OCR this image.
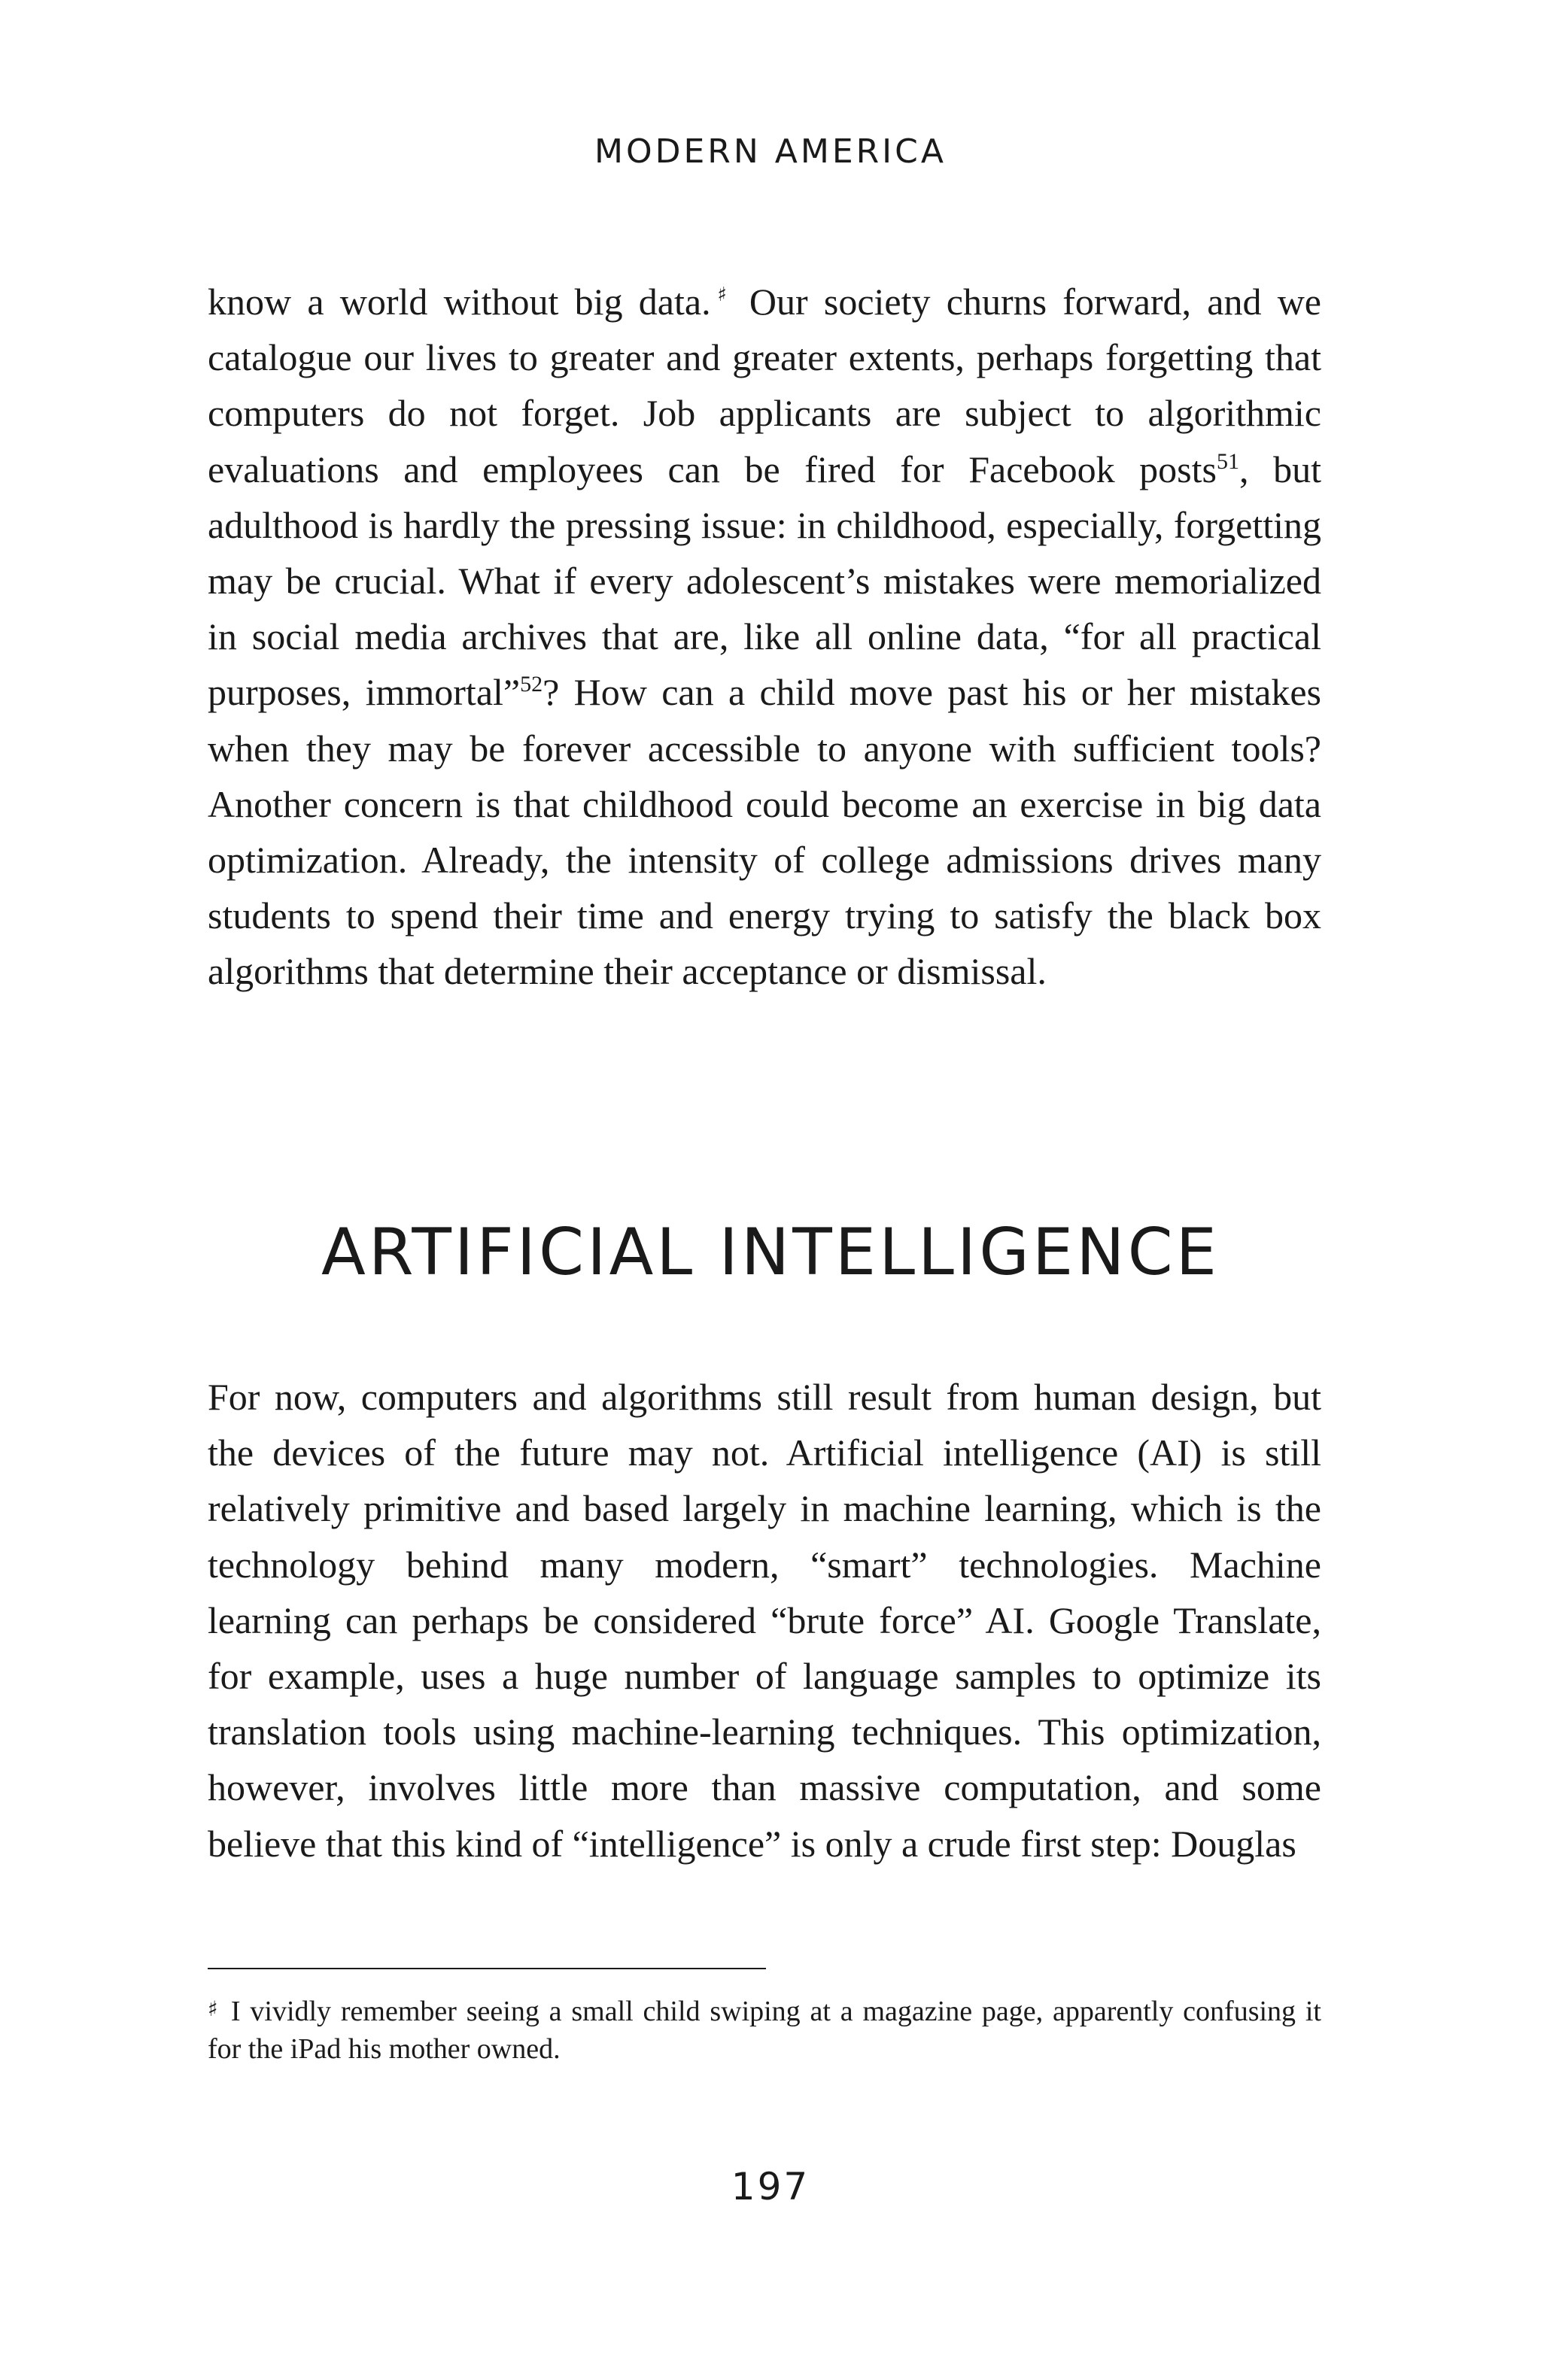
MODERN AMERICA

know a world without big data.♯ Our society churns forward, and we catalogue our lives to greater and greater extents, perhaps forgetting that computers do not forget. Job applicants are subject to algorithmic evaluations and employees can be fired for Facebook posts$^{51}$, but adulthood is hardly the pressing issue: in childhood, especially, forgetting may be crucial. What if every adolescent’s mistakes were memorialized in social media archives that are, like all online data, “for all practical purposes, immortal”$^{52}$? How can a child move past his or her mistakes when they may be forever accessible to anyone with sufficient tools? Another concern is that childhood could become an exercise in big data optimization. Already, the intensity of college admissions drives many students to spend their time and energy trying to satisfy the black box algorithms that determine their acceptance or dismissal.

ARTIFICIAL INTELLIGENCE

For now, computers and algorithms still result from human design, but the devices of the future may not. Artificial intelligence (AI) is still relatively primitive and based largely in machine learning, which is the technology behind many modern, “smart” technologies. Machine learning can perhaps be considered “brute force” AI. Google Translate, for example, uses a huge number of language samples to optimize its translation tools using machine-learning techniques. This optimization, however, involves little more than massive computation, and some believe that this kind of “intelligence” is only a crude first step: Douglas

♯ I vividly remember seeing a small child swiping at a magazine page, apparently confusing it for the iPad his mother owned.

197
